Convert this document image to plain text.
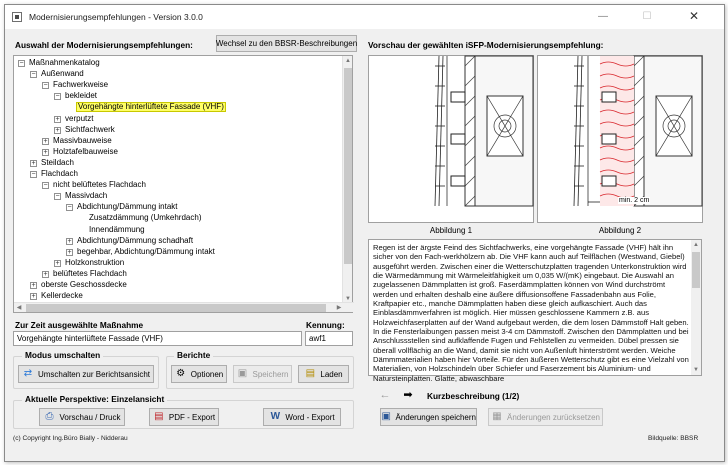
Modernisierungsempfehlungen - Version 3.0.0	—	☐	✕
Auswahl der Modernisierungsempfehlungen:	Wechsel zu den BBSR-Beschreibungen
− Maßnahmenkatalog
− Außenwand
− Fachwerkweise
− bekleidet
Vorgehängte hinterlüftete Fassade (VHF)
+ verputzt
+ Sichtfachwerk
+ Massivbauweise
+ Holztafelbauweise
+ Steildach
− Flachdach
− nicht belüftetes Flachdach
− Massivdach
− Abdichtung/Dämmung intakt
Zusatzdämmung (Umkehrdach)
Innendämmung
+ Abdichtung/Dämmung schadhaft
+ begehbar, Abdichtung/Dämmung intakt
+ Holzkonstruktion
+ belüftetes Flachdach
+ oberste Geschossdecke
+ Kellerdecke
▲
▼
◀	▶
Zur Zeit ausgewählte Maßnahme	Kennung:
Vorgehängte hinterlüftete Fassade (VHF)	awf1
Modus umschalten
⇄ Umschalten zur Berichtsansicht
Berichte
⚙ Optionen ▣ Speichern ▤ Laden
Aktuelle Perspektive: Einzelansicht
⎙ Vorschau / Druck	▤ PDF - Export	W Word - Export
Vorschau der gewählten iSFP-Modernisierungsempfehlung:
Abbildung 1
min. 2 cm
Abbildung 2
Regen ist der ärgste Feind des Sichtfachwerks, eine vorgehängte Fassade (VHF) hält ihn sicher von den Fach-werkhölzern ab. Die VHF kann auch auf Teilflächen (Westwand, Giebel) ausgeführt werden. Zwischen einer die Wetterschutzplatten tragenden Unterkonstruktion wird die Wärmedämmung mit Wärmeleitfähigkeit um 0,035 W/(mK) eingebaut. Die Auswahl an zugelassenen Dämmplatten ist groß. Faserdämmplatten können von Wind durchströmt werden und erhalten deshalb eine äußere diffusionsoffene Fassadenbahn aus Folie, Kraftpapier etc., manche Dämmplatten haben diese gleich aufkaschiert. Auch das Einblasdämmverfahren ist möglich. Hier müssen geschlossene Kammern z.B. aus Holzweichfaserplatten auf der Wand aufgebaut werden, die dem losen Dämmstoff Halt geben. In die Fensterlaibungen passen meist 3-4 cm Dämmstoff. Zwischen den Dämmplatten und bei Anschlussstellen sind aufklaffende Fugen und Fehlstellen zu vermeiden. Dübel pressen sie überall vollflächig an die Wand, damit sie nicht von Außenluft hinterströmt werden. Weiche Dämmmaterialien haben hier Vorteile. Für den äußeren Wetterschutz gibt es eine Vielzahl von Materialien, von Holzschindeln über Schiefer und Faserzement bis Aluminium- und Natursteinplatten. Glatte, abwaschbare
▲
▼
←	➡	Kurzbeschreibung (1/2)
▣ Änderungen speichern ▦ Änderungen zurücksetzen
(c) Copyright Ing.Büro Bially - Nidderau	Bildquelle: BBSR
